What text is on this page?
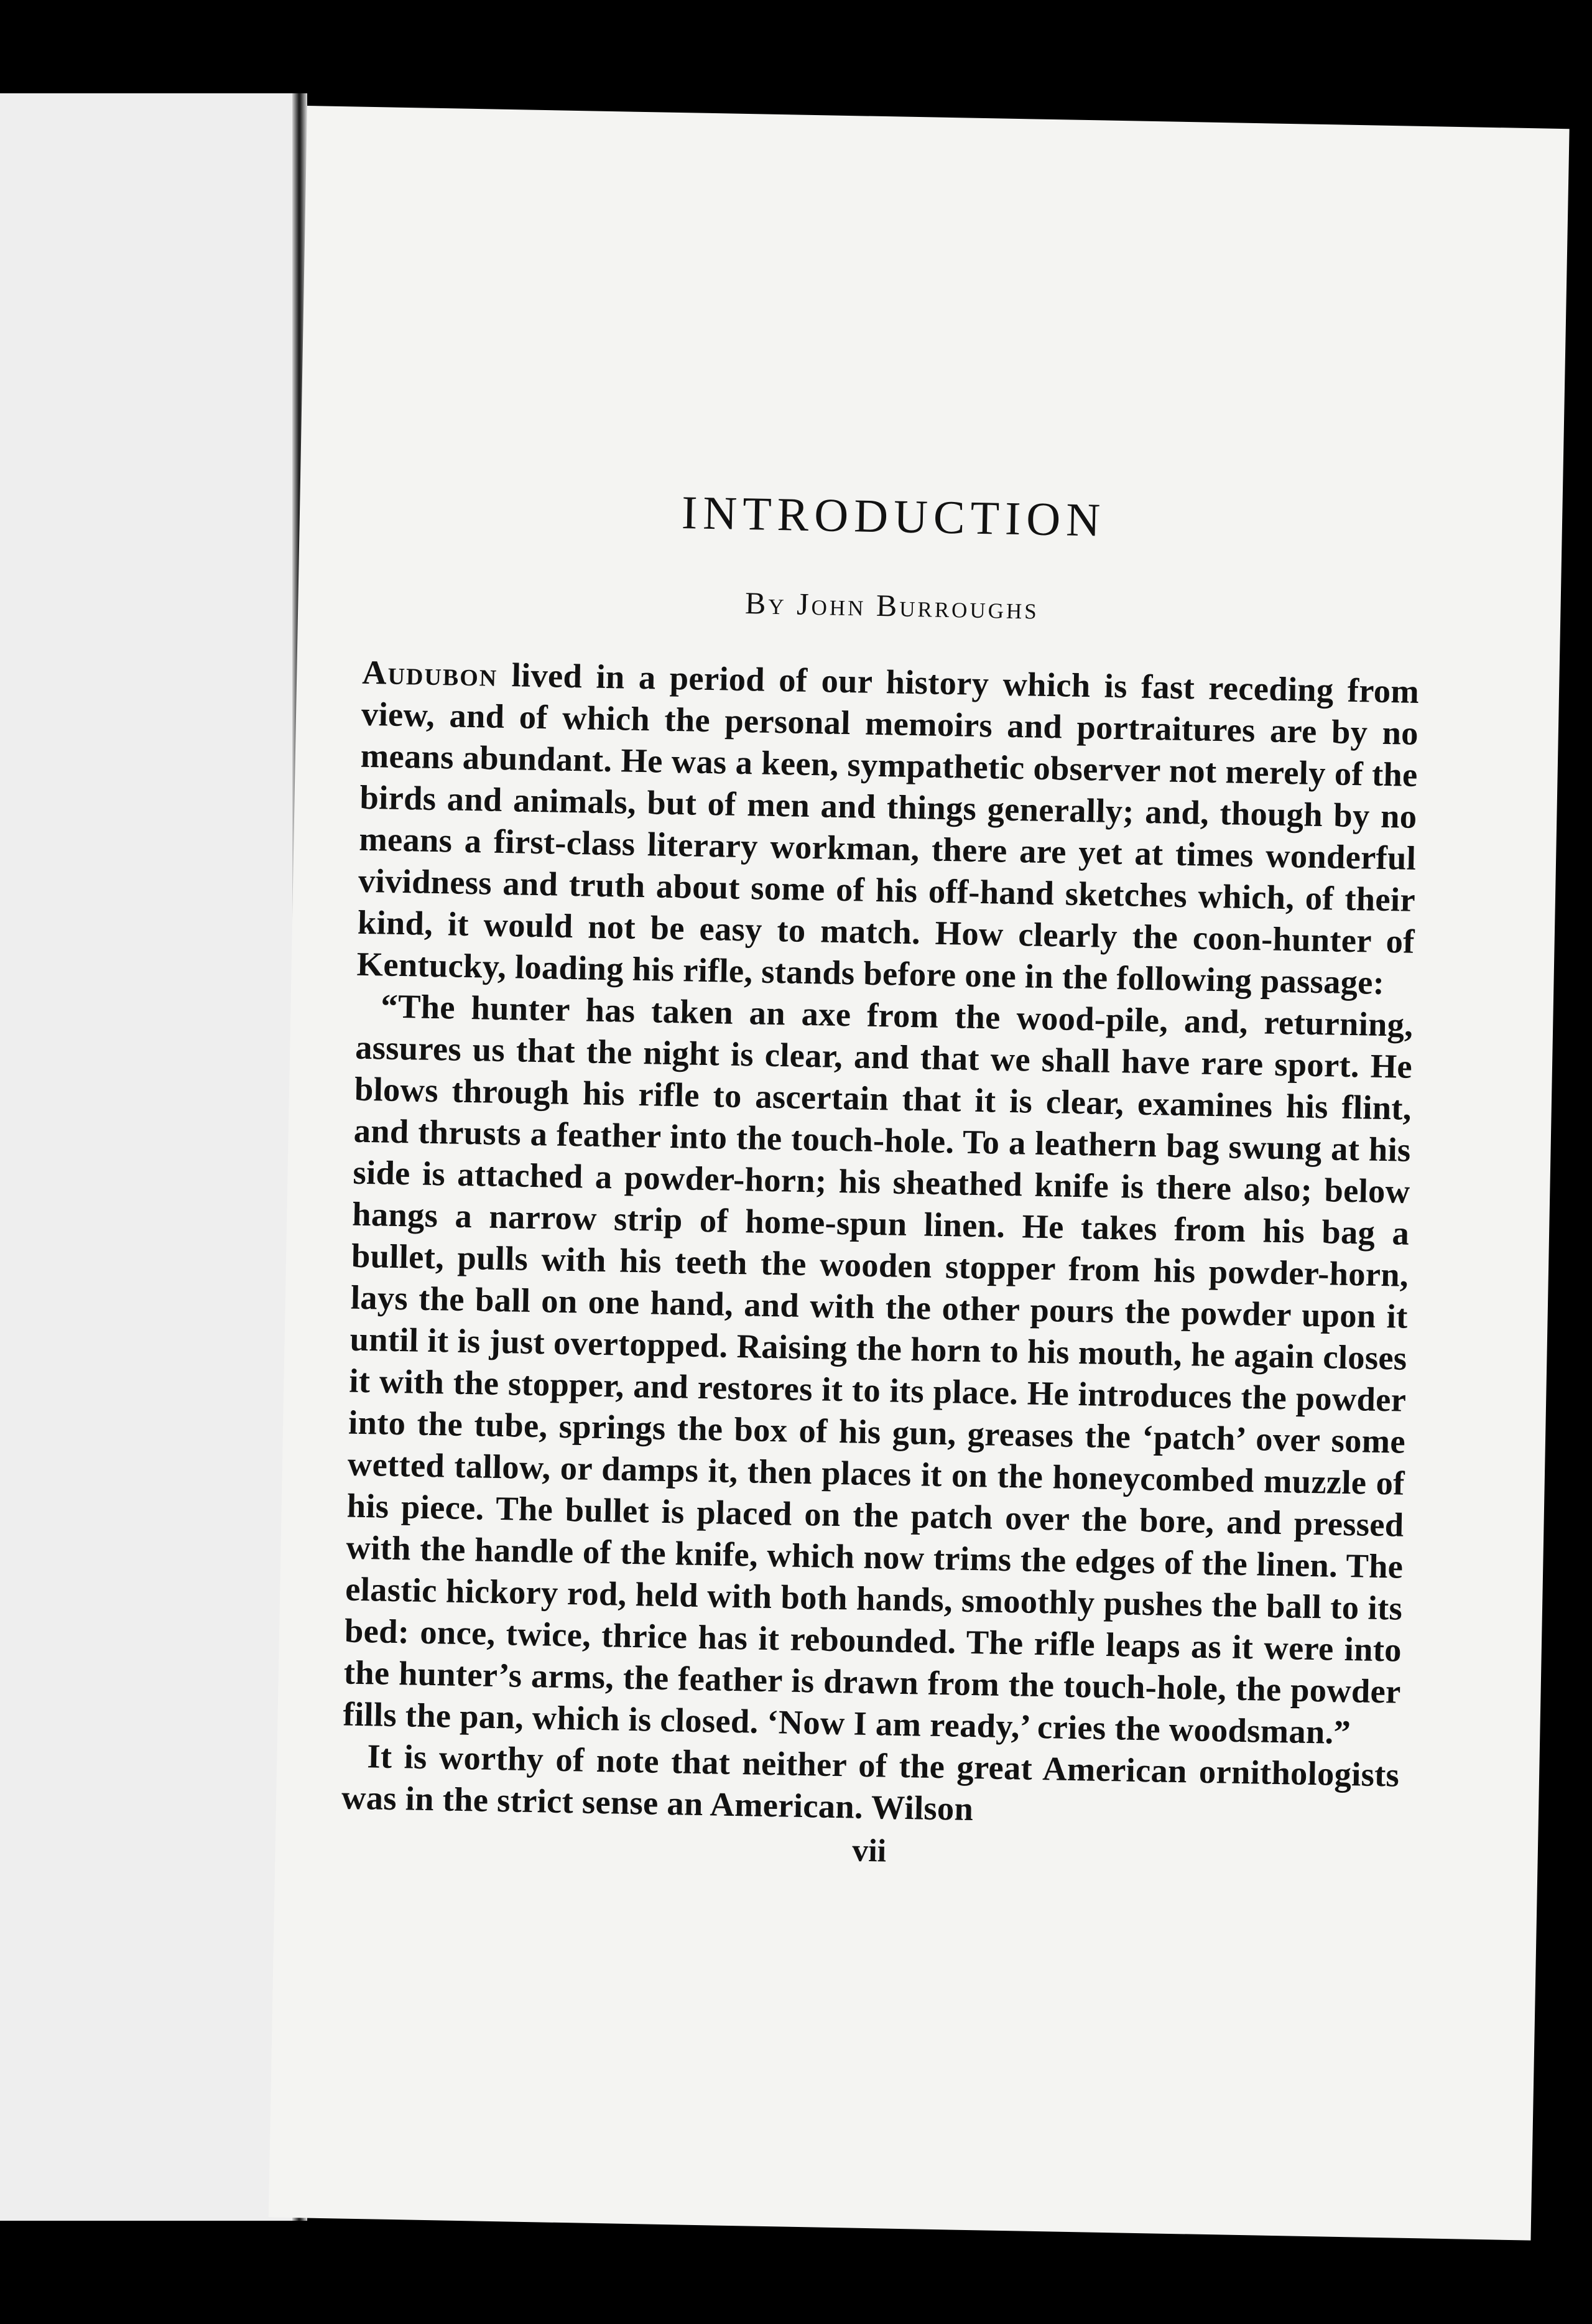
INTRODUCTION
By John Burroughs

Audubon lived in a period of our history which is fast receding from view, and of which the personal memoirs and portraitures are by no means abundant. He was a keen, sympathetic observer not merely of the birds and animals, but of men and things generally; and, though by no means a first-class literary workman, there are yet at times wonderful vividness and truth about some of his off-hand sketches which, of their kind, it would not be easy to match. How clearly the coon-hunter of Kentucky, loading his rifle, stands before one in the following passage:

“The hunter has taken an axe from the wood-pile, and, returning, assures us that the night is clear, and that we shall have rare sport. He blows through his rifle to ascertain that it is clear, examines his flint, and thrusts a feather into the touch-hole. To a leathern bag swung at his side is attached a powder-horn; his sheathed knife is there also; below hangs a narrow strip of home-spun linen. He takes from his bag a bullet, pulls with his teeth the wooden stopper from his powder-horn, lays the ball on one hand, and with the other pours the powder upon it until it is just overtopped. Raising the horn to his mouth, he again closes it with the stopper, and restores it to its place. He introduces the powder into the tube, springs the box of his gun, greases the ‘patch’ over some wetted tallow, or damps it, then places it on the honeycombed muzzle of his piece. The bullet is placed on the patch over the bore, and pressed with the handle of the knife, which now trims the edges of the linen. The elastic hickory rod, held with both hands, smoothly pushes the ball to its bed: once, twice, thrice has it rebounded. The rifle leaps as it were into the hunter’s arms, the feather is drawn from the touch-hole, the powder fills the pan, which is closed. ‘Now I am ready,’ cries the woodsman.”

It is worthy of note that neither of the great American ornithologists was in the strict sense an American. Wilson

vii
